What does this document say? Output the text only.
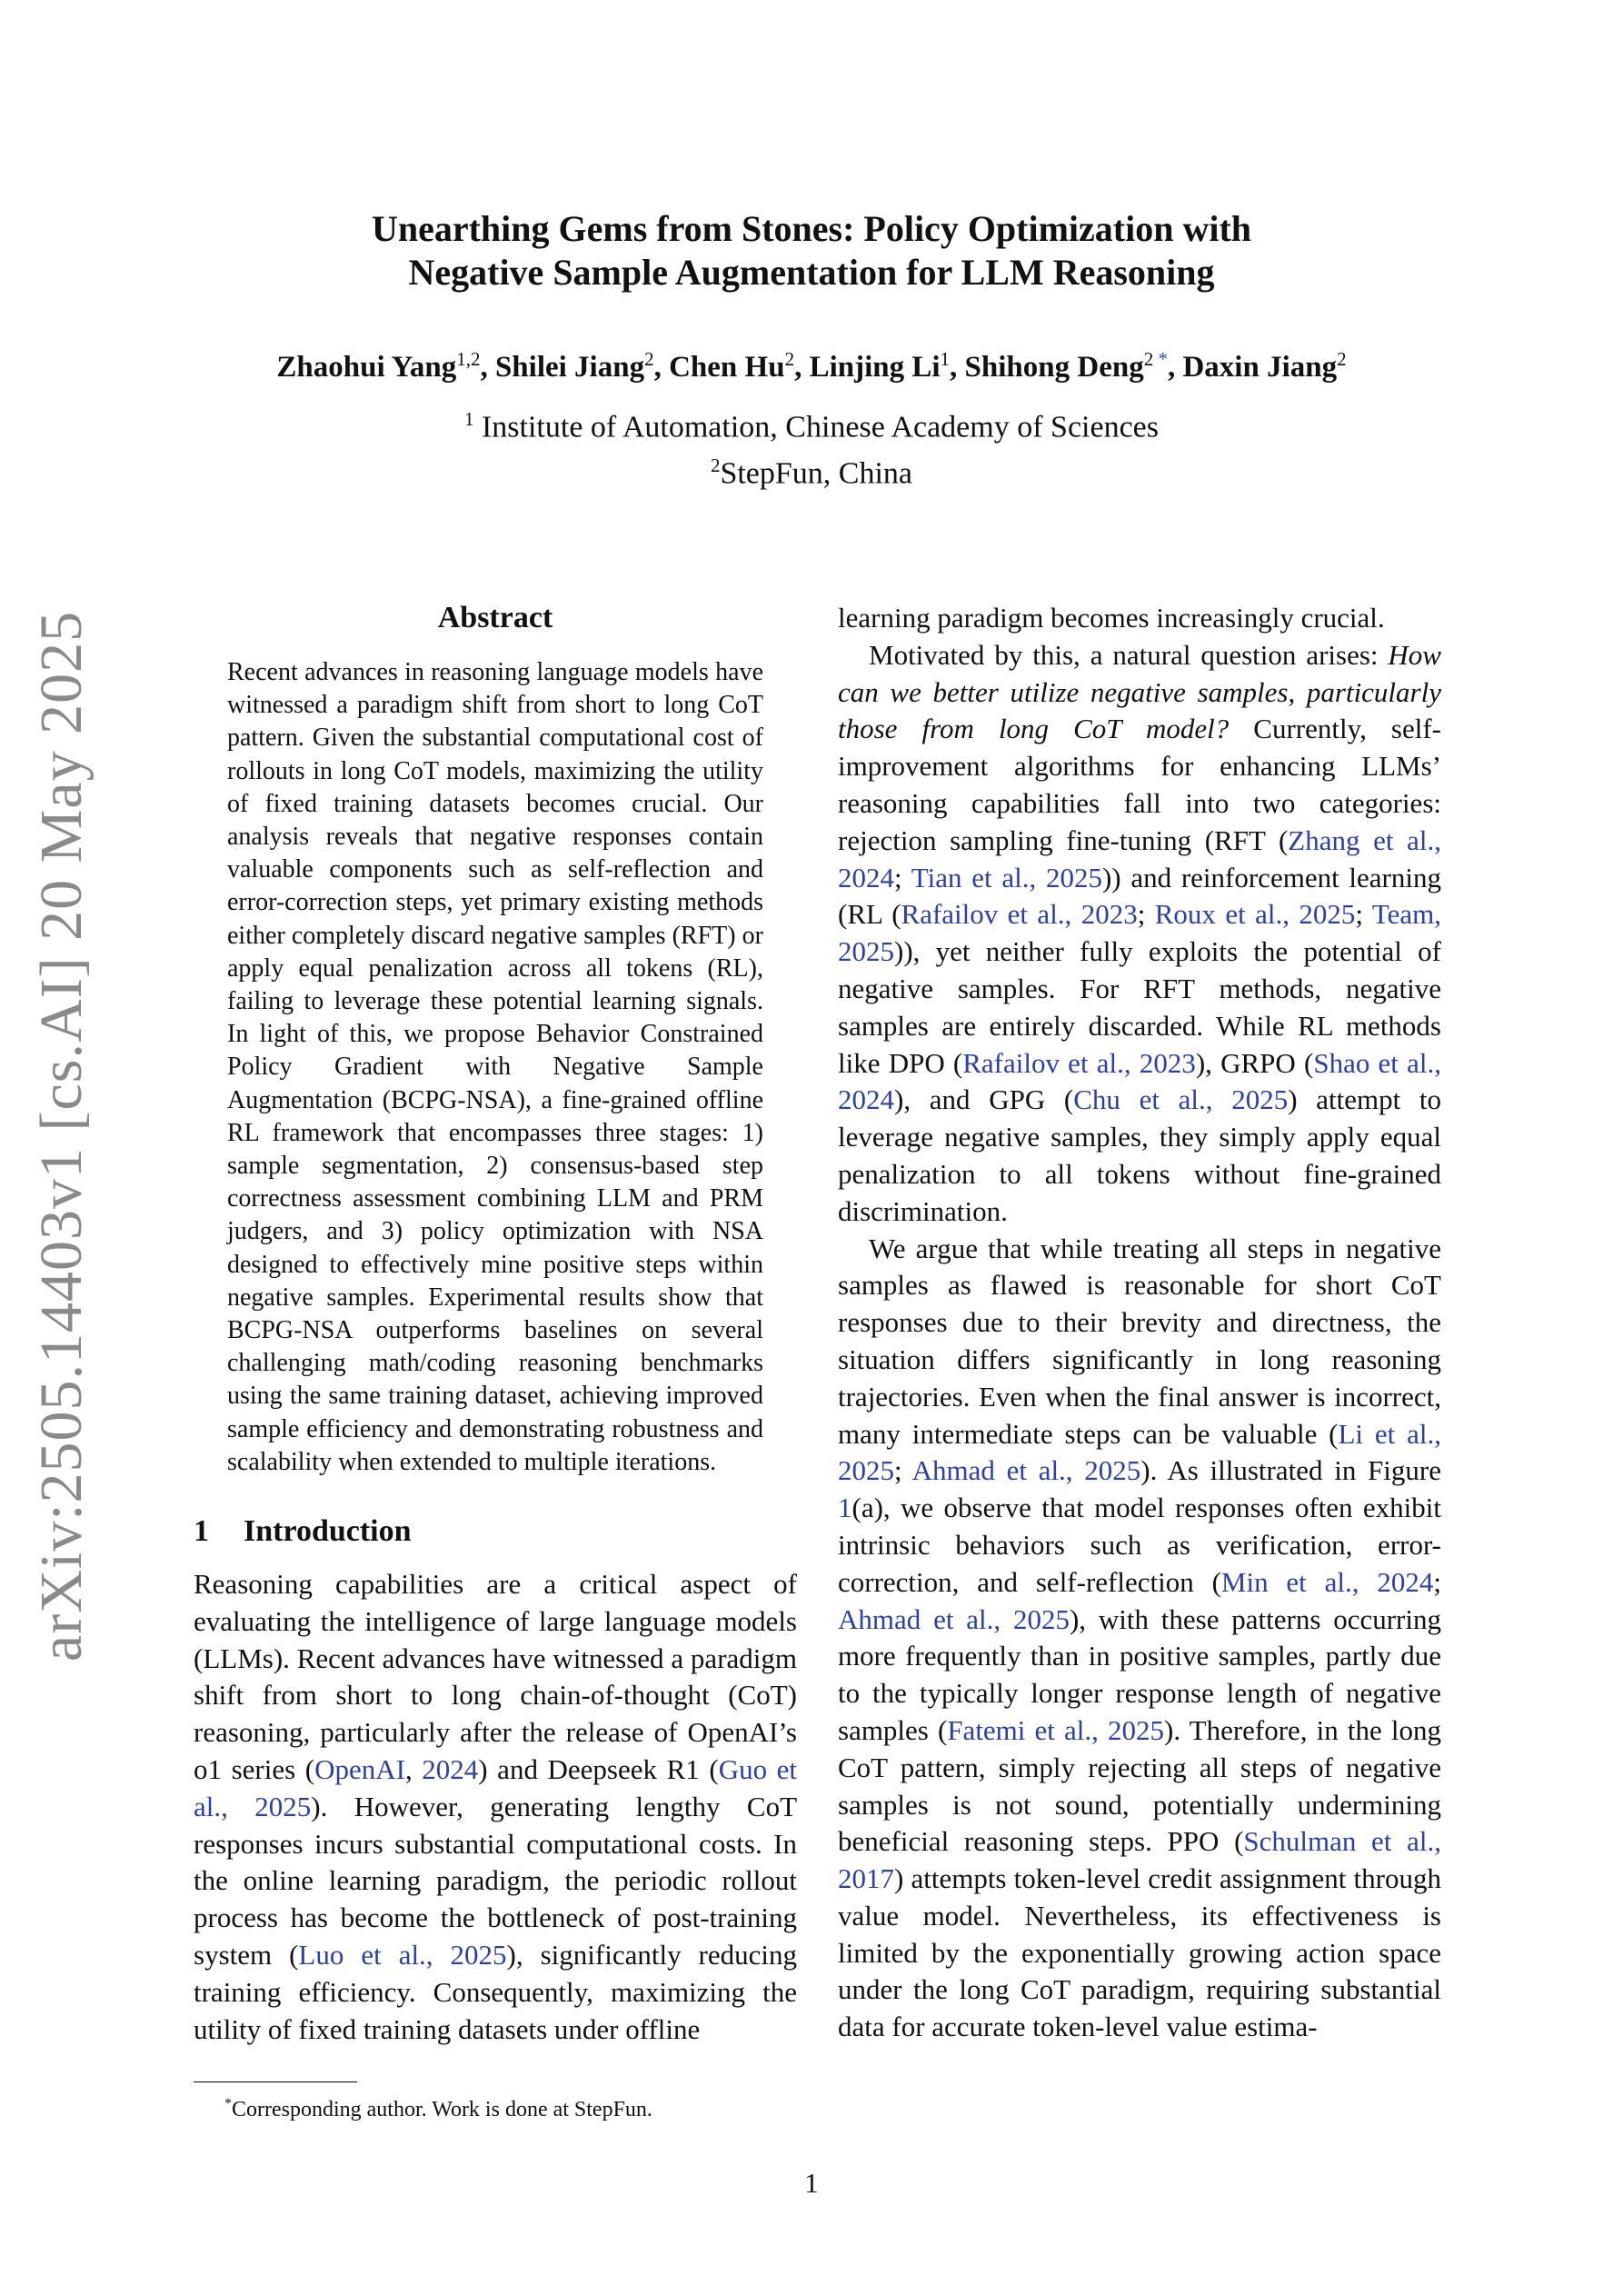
arXiv:2505.14403v1 [cs.AI] 20 May 2025
Unearthing Gems from Stones: Policy Optimization with
Negative Sample Augmentation for LLM Reasoning
Zhaohui Yang$^{1,2}$, Shilei Jiang$^2$, Chen Hu$^2$, Linjing Li$^1$, Shihong Deng$^2$ *, Daxin Jiang$^2$
$^1$ Institute of Automation, Chinese Academy of Sciences
$^2$StepFun, China
Abstract
Recent advances in reasoning language models have witnessed a paradigm shift from short to long CoT pattern. Given the substantial computational cost of rollouts in long CoT models, maximizing the utility of fixed training datasets becomes crucial. Our analysis reveals that negative responses contain valuable components such as self-reflection and error-correction steps, yet primary existing methods either completely discard negative samples (RFT) or apply equal penalization across all tokens (RL), failing to leverage these potential learning signals. In light of this, we propose Behavior Constrained Policy Gradient with Negative Sample Augmentation (BCPG-NSA), a fine-grained offline RL framework that encompasses three stages: 1) sample segmentation, 2) consensus-based step correctness assessment combining LLM and PRM judgers, and 3) policy optimization with NSA designed to effectively mine positive steps within negative samples. Experimental results show that BCPG-NSA outperforms baselines on several challenging math/coding reasoning benchmarks using the same training dataset, achieving improved sample efficiency and demonstrating robustness and scalability when extended to multiple iterations.
1 Introduction

Reasoning capabilities are a critical aspect of evaluating the intelligence of large language models (LLMs). Recent advances have witnessed a paradigm shift from short to long chain-of-thought (CoT) reasoning, particularly after the release of OpenAI’s o1 series (OpenAI, 2024) and Deepseek R1 (Guo et al., 2025). However, generating lengthy CoT responses incurs substantial computational costs. In the online learning paradigm, the periodic rollout process has become the bottleneck of post-training system (Luo et al., 2025), significantly reducing training efficiency. Consequently, maximizing the utility of fixed training datasets under offline

learning paradigm becomes increasingly crucial.

Motivated by this, a natural question arises: How can we better utilize negative samples, particularly those from long CoT model? Currently, self-improvement algorithms for enhancing LLMs’ reasoning capabilities fall into two categories: rejection sampling fine-tuning (RFT (Zhang et al., 2024; Tian et al., 2025)) and reinforcement learning (RL (Rafailov et al., 2023; Roux et al., 2025; Team, 2025)), yet neither fully exploits the potential of negative samples. For RFT methods, negative samples are entirely discarded. While RL methods like DPO (Rafailov et al., 2023), GRPO (Shao et al., 2024), and GPG (Chu et al., 2025) attempt to leverage negative samples, they simply apply equal penalization to all tokens without fine-grained discrimination.

We argue that while treating all steps in negative samples as flawed is reasonable for short CoT responses due to their brevity and directness, the situation differs significantly in long reasoning trajectories. Even when the final answer is incorrect, many intermediate steps can be valuable (Li et al., 2025; Ahmad et al., 2025). As illustrated in Figure 1(a), we observe that model responses often exhibit intrinsic behaviors such as verification, error-correction, and self-reflection (Min et al., 2024; Ahmad et al., 2025), with these patterns occurring more frequently than in positive samples, partly due to the typically longer response length of negative samples (Fatemi et al., 2025). Therefore, in the long CoT pattern, simply rejecting all steps of negative samples is not sound, potentially undermining beneficial reasoning steps. PPO (Schulman et al., 2017) attempts token-level credit assignment through value model. Nevertheless, its effectiveness is limited by the exponentially growing action space under the long CoT paradigm, requiring substantial data for accurate token-level value estima-

*Corresponding author. Work is done at StepFun.
1
